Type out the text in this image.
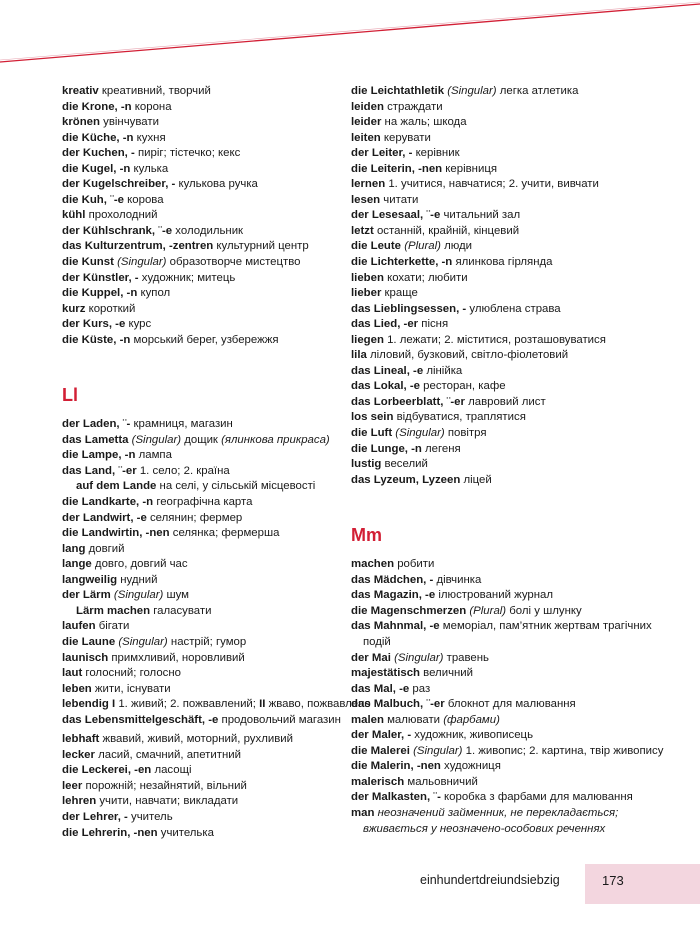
kreativ креативний, творчий
die Krone, -n корона
krönen увінчувати
die Küche, -n кухня
der Kuchen, - пиріг; тістечко; кекс
die Kugel, -n кулька
der Kugelschreiber, - кулькова ручка
die Kuh, ¨-e корова
kühl прохолодний
der Kühlschrank, ¨-e холодильник
das Kulturzentrum, -zentren культурний центр
die Kunst (Singular) образотворче мистецтво
der Künstler, - художник; митець
die Kuppel, -n купол
kurz короткий
der Kurs, -e курс
die Küste, -n морський берег, узбережжя
Ll
der Laden, ¨- крамниця, магазин
das Lametta (Singular) дощик (ялинкова прикраса)
die Lampe, -n лампа
das Land, ¨-er 1. село; 2. країна
auf dem Lande на селі, у сільській місцевості
die Landkarte, -n географічна карта
der Landwirt, -e селянин; фермер
die Landwirtin, -nen селянка; фермерша
lang довгий
lange довго, довгий час
langweilig нудний
der Lärm (Singular) шум
Lärm machen галасувати
laufen бігати
die Laune (Singular) настрій; гумор
launisch примхливий, норовливий
laut голосний; голосно
leben жити, існувати
lebendig I 1. живий; 2. пожвавлений; II жваво, пожвавлено
das Lebensmittelgeschäft, -e продовольчий магазин
lebhaft жвавий, живий, моторний, рухливий
lecker ласий, смачний, апетитний
die Leckerei, -en ласощі
leer порожній; незайнятий, вільний
lehren учити, навчати; викладати
der Lehrer, - учитель
die Lehrerin, -nen учителька
die Leichtathletik (Singular) легка атлетика
leiden страждати
leider на жаль; шкода
leiten керувати
der Leiter, - керівник
die Leiterin, -nen керівниця
lernen 1. учитися, навчатися; 2. учити, вивчати
lesen читати
der Lesesaal, ¨-e читальний зал
letzt останній, крайній, кінцевий
die Leute (Plural) люди
die Lichterkette, -n ялинкова гірлянда
lieben кохати; любити
lieber краще
das Lieblingsessen, - улюблена страва
das Lied, -er пісня
liegen 1. лежати; 2. міститися, розташовуватися
lila ліловий, бузковий, світло-фіолетовий
das Lineal, -e лінійка
das Lokal, -e ресторан, кафе
das Lorbeerblatt, ¨-er лавровий лист
los sein відбуватися, траплятися
die Luft (Singular) повітря
die Lunge, -n легеня
lustig веселий
das Lyzeum, Lyzeen ліцей
Mm
machen робити
das Mädchen, - дівчинка
das Magazin, -e ілюстрований журнал
die Magenschmerzen (Plural) болі у шлунку
das Mahnmal, -e меморіал, пам’ятник жертвам трагічних подій
der Mai (Singular) травень
majestätisch величний
das Mal, -e раз
das Malbuch, ¨-er блокнот для малювання
malen малювати (фарбами)
der Maler, - художник, живописець
die Malerei (Singular) 1. живопис; 2. картина, твір живопису
die Malerin, -nen художниця
malerisch мальовничий
der Malkasten, ¨- коробка з фарбами для малювання
man неозначений займенник, не перекладається; вживається у неозначено-особових реченнях
einhundertdreiundsiebzig	173
